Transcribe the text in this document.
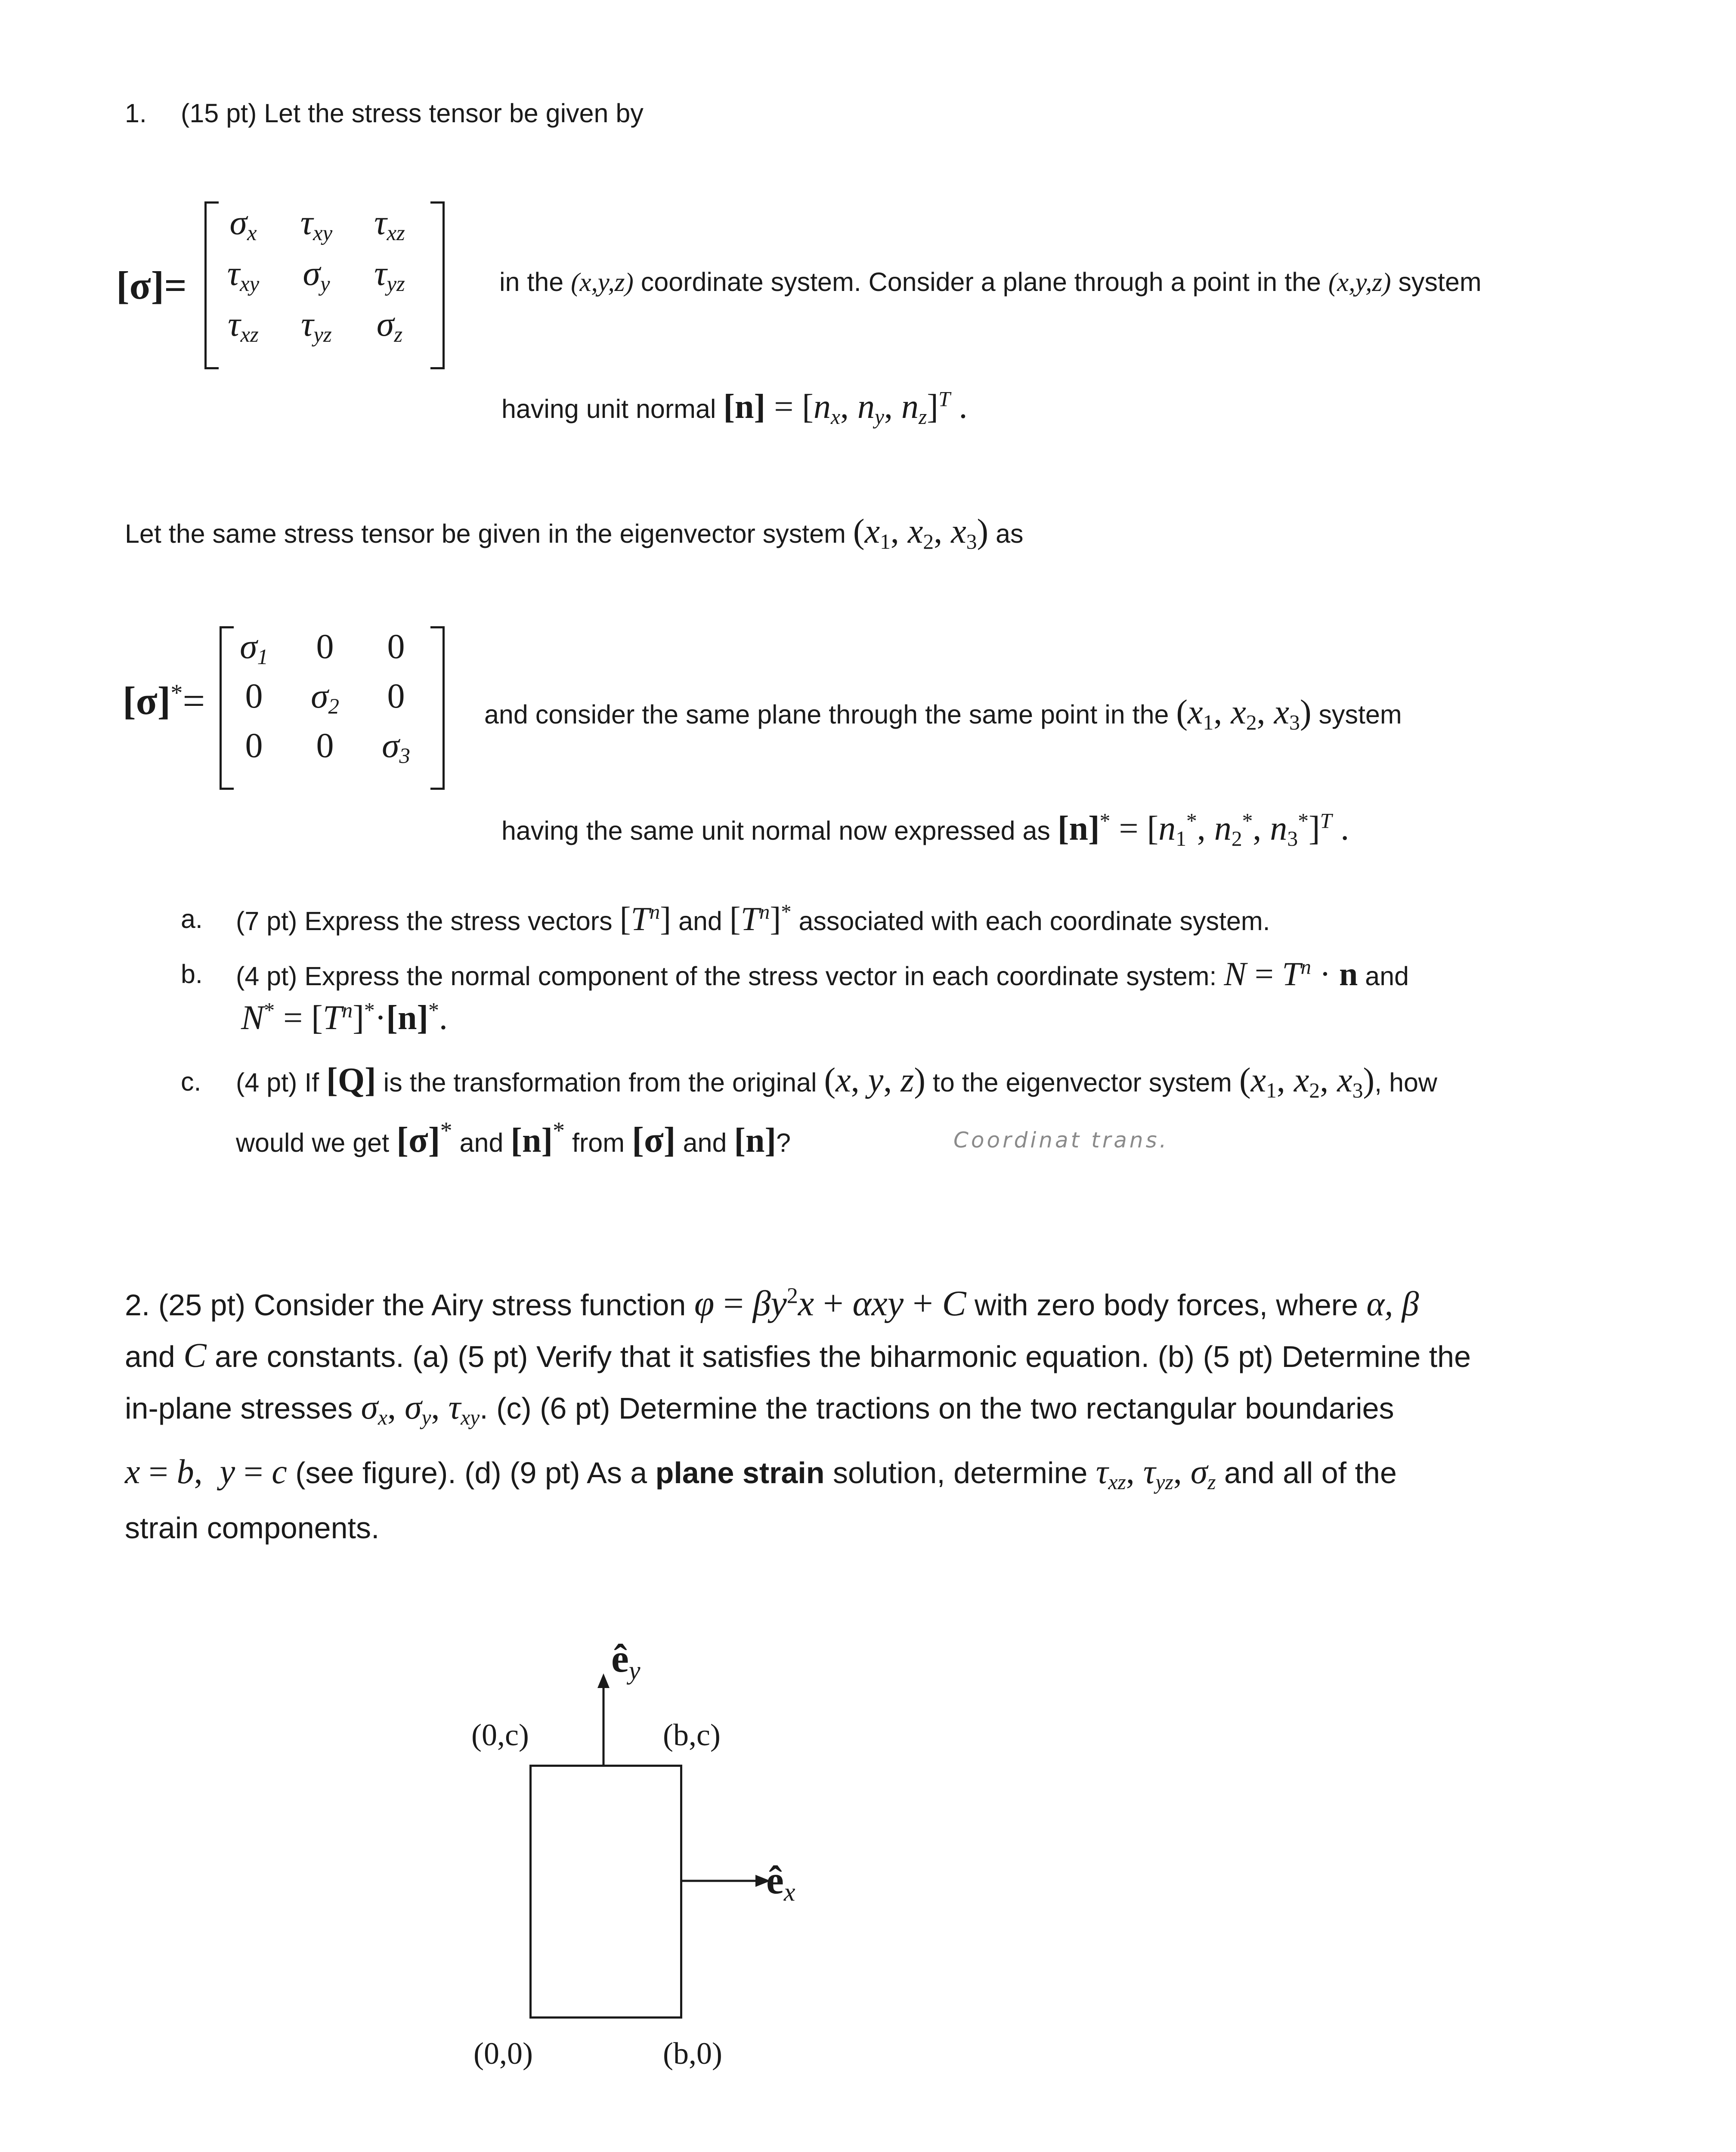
1. (15 pt) Let the stress tensor be given by
[σ]=
$\sigma_x$	$\tau_{xy}$	$\tau_{xz}$
$\tau_{xy}$	$\sigma_y$	$\tau_{yz}$
$\tau_{xz}$	$\tau_{yz}$	$\sigma_z$
in the (x,y,z) coordinate system. Consider a plane through a point in the (x,y,z) system
having unit normal $[n] = [n_x$, $n_y$, $n_z]^T$ .
Let the same stress tensor be given in the eigenvector system ($x_1$, $x_2$, $x_3$) as
[σ]*=
$\sigma_1$	0	0
0	$\sigma_2$	0
0	0	$\sigma_3$
and consider the same plane through the same point in the ($x_1$, $x_2$, $x_3$) system
having the same unit normal now expressed as $[n]^* = [n_1^*$, $n_2^*$, $n_3^*]^T$ .
a. (7 pt) Express the stress vectors $[T^n]$ and $[T^n]^*$ associated with each coordinate system.
b. (4 pt) Express the normal component of the stress vector in each coordinate system: $N = T^n \cdot n$ and
$N^* = [T^n]^*\cdot[n]^*$.
c. (4 pt) If [Q] is the transformation from the original (x, y, z) to the eigenvector system ($x_1$, $x_2$, $x_3$), how
would we get [σ]* and [n]* from [σ] and [n]?	Coordinat trans.
2. (25 pt) Consider the Airy stress function $\varphi = \beta y^2x + \alpha xy + C$ with zero body forces, where α, β
and C are constants. (a) (5 pt) Verify that it satisfies the biharmonic equation. (b) (5 pt) Determine the
in-plane stresses $\sigma_x$, $\sigma_y$, $\tau_{xy}$. (c) (6 pt) Determine the tractions on the two rectangular boundaries
x = b,  y = c (see figure). (d) (9 pt) As a plane strain solution, determine $\tau_{xz}$, $\tau_{yz}$, $\sigma_z$ and all of the
strain components.
$ê_y$
$ê_x$
(0,c)	(b,c)
(0,0)	(b,0)
